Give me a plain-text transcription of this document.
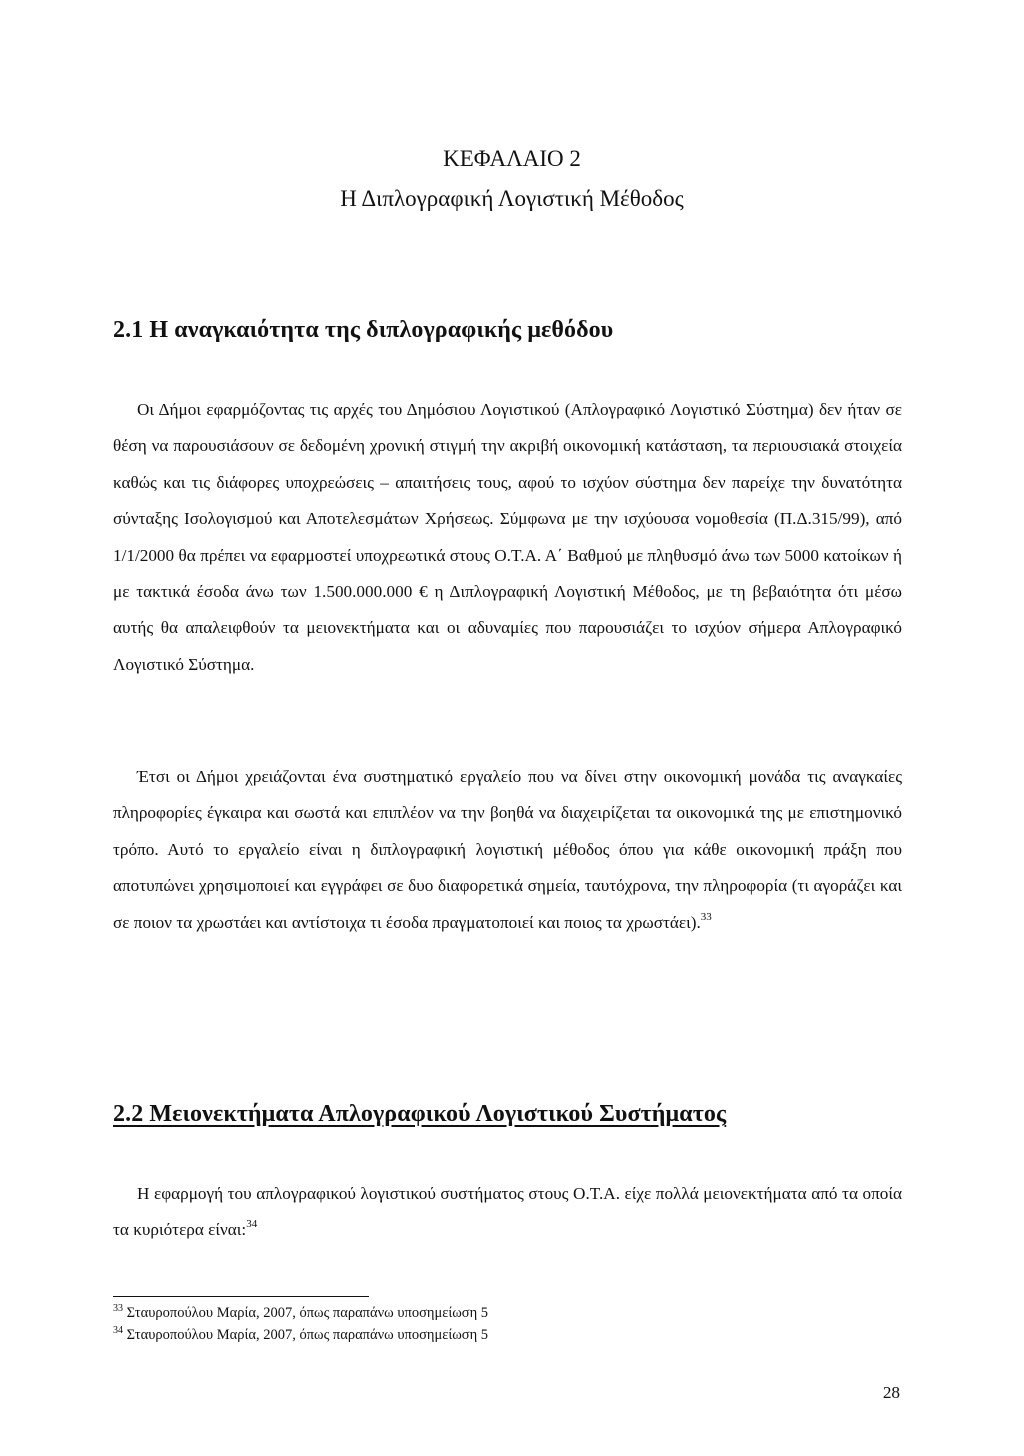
ΚΕΦΑΛΑΙΟ 2
Η Διπλογραφική Λογιστική Μέθοδος
2.1 Η αναγκαιότητα της διπλογραφικής μεθόδου

Οι Δήμοι εφαρμόζοντας τις αρχές του Δημόσιου Λογιστικού (Απλογραφικό Λογιστικό Σύστημα) δεν ήταν σε θέση να παρουσιάσουν σε δεδομένη χρονική στιγμή την ακριβή οικονομική κατάσταση, τα περιουσιακά στοιχεία καθώς και τις διάφορες υποχρεώσεις – απαιτήσεις τους, αφού το ισχύον σύστημα δεν παρείχε την δυνατότητα σύνταξης Ισολογισμού και Αποτελεσμάτων Χρήσεως. Σύμφωνα με την ισχύουσα νομοθεσία (Π.Δ.315/99), από 1/1/2000 θα πρέπει να εφαρμοστεί υποχρεωτικά στους Ο.Τ.Α. Α΄ Βαθμού με πληθυσμό άνω των 5000 κατοίκων ή με τακτικά έσοδα άνω των 1.500.000.000 € η Διπλογραφική Λογιστική Μέθοδος, με τη βεβαιότητα ότι μέσω αυτής θα απαλειφθούν τα μειονεκτήματα και οι αδυναμίες που παρουσιάζει το ισχύον σήμερα Απλογραφικό Λογιστικό Σύστημα.

Έτσι οι Δήμοι χρειάζονται ένα συστηματικό εργαλείο που να δίνει στην οικονομική μονάδα τις αναγκαίες πληροφορίες έγκαιρα και σωστά και επιπλέον να την βοηθά να διαχειρίζεται τα οικονομικά της με επιστημονικό τρόπο. Αυτό το εργαλείο είναι η διπλογραφική λογιστική μέθοδος όπου για κάθε οικονομική πράξη που αποτυπώνει χρησιμοποιεί και εγγράφει σε δυο διαφορετικά σημεία, ταυτόχρονα, την πληροφορία (τι αγοράζει και σε ποιον τα χρωστάει και αντίστοιχα τι έσοδα πραγματοποιεί και ποιος τα χρωστάει).$^{33}$

2.2 Μειονεκτήματα Απλογραφικού Λογιστικού Συστήματος

Η εφαρμογή του απλογραφικού λογιστικού συστήματος στους Ο.Τ.Α. είχε πολλά μειονεκτήματα από τα οποία τα κυριότερα είναι:$^{34}$

$^{33}$ Σταυροπούλου Μαρία, 2007, όπως παραπάνω υποσημείωση 5
$^{34}$ Σταυροπούλου Μαρία, 2007, όπως παραπάνω υποσημείωση 5
28
